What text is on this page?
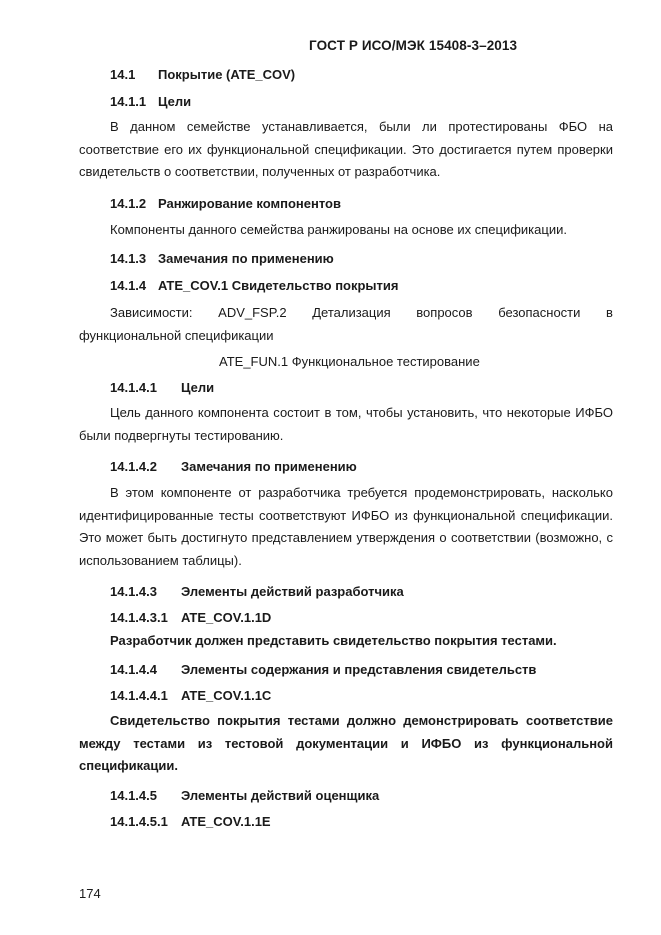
ГОСТ Р ИСО/МЭК 15408-3–2013
14.1 Покрытие (ATE_COV)
14.1.1 Цели
В данном семействе устанавливается, были ли протестированы ФБО на соответствие его их функциональной спецификации. Это достигается путем проверки свидетельств о соответствии, полученных от разработчика.
14.1.2 Ранжирование компонентов
Компоненты данного семейства ранжированы на основе их спецификации.
14.1.3 Замечания по применению
14.1.4 ATE_COV.1 Свидетельство покрытия
Зависимости: ADV_FSP.2 Детализация вопросов безопасности в
функциональной спецификации
ATE_FUN.1 Функциональное тестирование
14.1.4.1 Цели
Цель данного компонента состоит в том, чтобы установить, что некоторые ИФБО были подвергнуты тестированию.
14.1.4.2 Замечания по применению
В этом компоненте от разработчика требуется продемонстрировать, насколько идентифицированные тесты соответствуют ИФБО из функциональной спецификации. Это может быть достигнуто представлением утверждения о соответствии (возможно, с использованием таблицы).
14.1.4.3 Элементы действий разработчика
14.1.4.3.1 ATE_COV.1.1D
Разработчик должен представить свидетельство покрытия тестами.
14.1.4.4 Элементы содержания и представления свидетельств
14.1.4.4.1 ATE_COV.1.1C
Свидетельство покрытия тестами должно демонстрировать соответствие между тестами из тестовой документации и ИФБО из функциональной спецификации.
14.1.4.5 Элементы действий оценщика
14.1.4.5.1 ATE_COV.1.1E
174
